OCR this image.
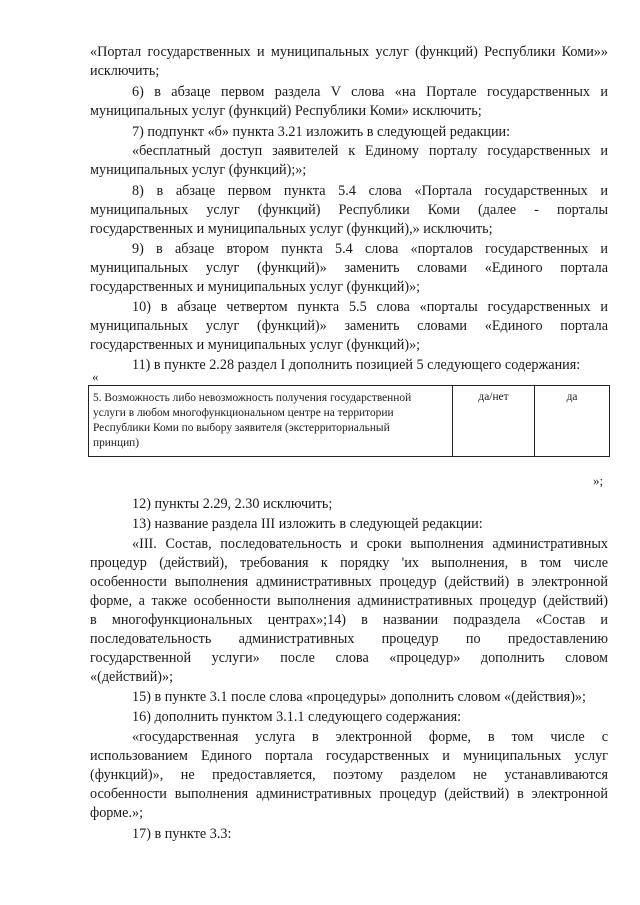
«Портал государственных и муниципальных услуг (функций) Республики Коми»»
исключить;
6) в абзаце первом раздела V слова «на Портале государственных и
муниципальных услуг (функций) Республики Коми» исключить;
7) подпункт «б» пункта 3.21 изложить в следующей редакции:
«бесплатный доступ заявителей к Единому порталу государственных и
муниципальных услуг (функций);»;
8) в абзаце первом пункта 5.4 слова «Портала государственных и
муниципальных услуг (функций) Республики Коми (далее - порталы
государственных и муниципальных услуг (функций),» исключить;
9) в абзаце втором пункта 5.4 слова «порталов государственных и
муниципальных услуг (функций)» заменить словами «Единого портала
государственных и муниципальных услуг (функций)»;
10) в абзаце четвертом пункта 5.5 слова «порталы государственных и
муниципальных услуг (функций)» заменить словами «Единого портала
государственных и муниципальных услуг (функций)»;
11) в пункте 2.28 раздел I дополнить позицией 5 следующего содержания:
«
5. Возможность либо невозможность получения государственной
услуги в любом многофункциональном центре на территории
Республики Коми по выбору заявителя (экстерриториальный
принцип)
да/нет	да
»;
12) пункты 2.29, 2.30 исключить;
13) название раздела III изложить в следующей редакции:
«III. Состав, последовательность и сроки выполнения административных
процедур (действий), требования к порядку 'их выполнения, в том числе
особенности выполнения административных процедур (действий) в электронной
форме, а также особенности выполнения административных процедур (действий)
в многофункциональных центрах»;14) в названии подраздела «Состав и
последовательность административных процедур по предоставлению
государственной услуги» после слова «процедур» дополнить словом
«(действий)»;
15) в пункте 3.1 после слова «процедуры» дополнить словом «(действия)»;
16) дополнить пунктом 3.1.1 следующего содержания:
«государственная услуга в электронной форме, в том числе с
использованием Единого портала государственных и муниципальных услуг
(функций)», не предоставляется, поэтому разделом не устанавливаются
особенности выполнения административных процедур (действий) в электронной
форме.»;
17) в пункте 3.3:
